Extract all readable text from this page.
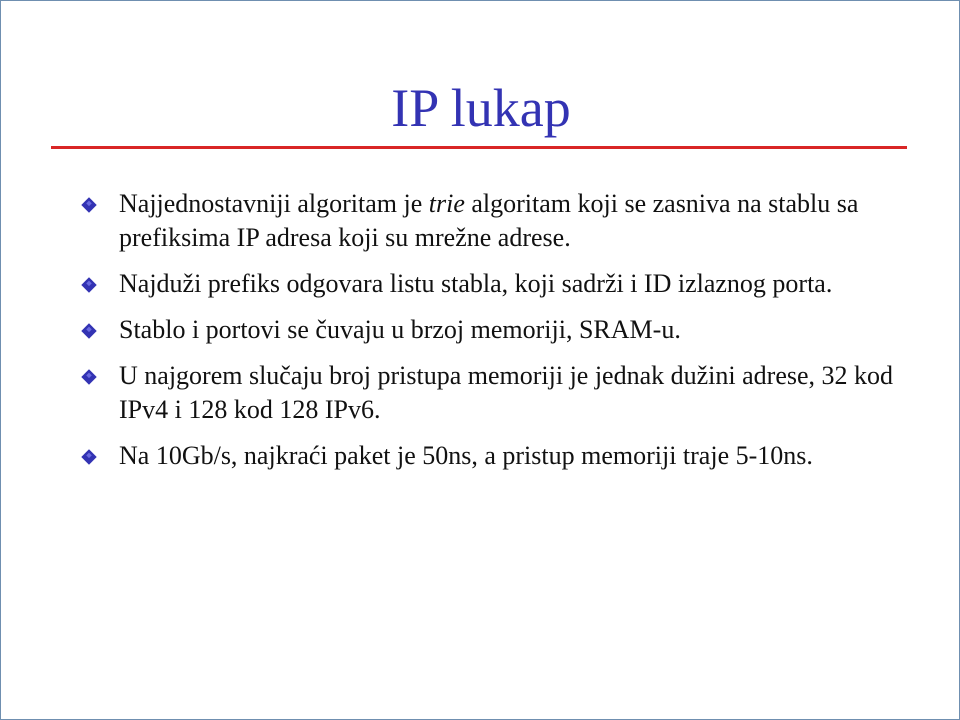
IP lukap
Najjednostavniji algoritam je trie algoritam koji se zasniva na stablu sa prefiksima IP adresa koji su mrežne adrese.
Najduži prefiks odgovara listu stabla, koji sadrži i ID izlaznog porta.
Stablo i portovi se čuvaju u brzoj memoriji, SRAM-u.
U najgorem slučaju broj pristupa memoriji je jednak dužini adrese, 32 kod IPv4 i 128 kod 128 IPv6.
Na 10Gb/s, najkraći paket je 50ns, a pristup memoriji traje 5-10ns.
